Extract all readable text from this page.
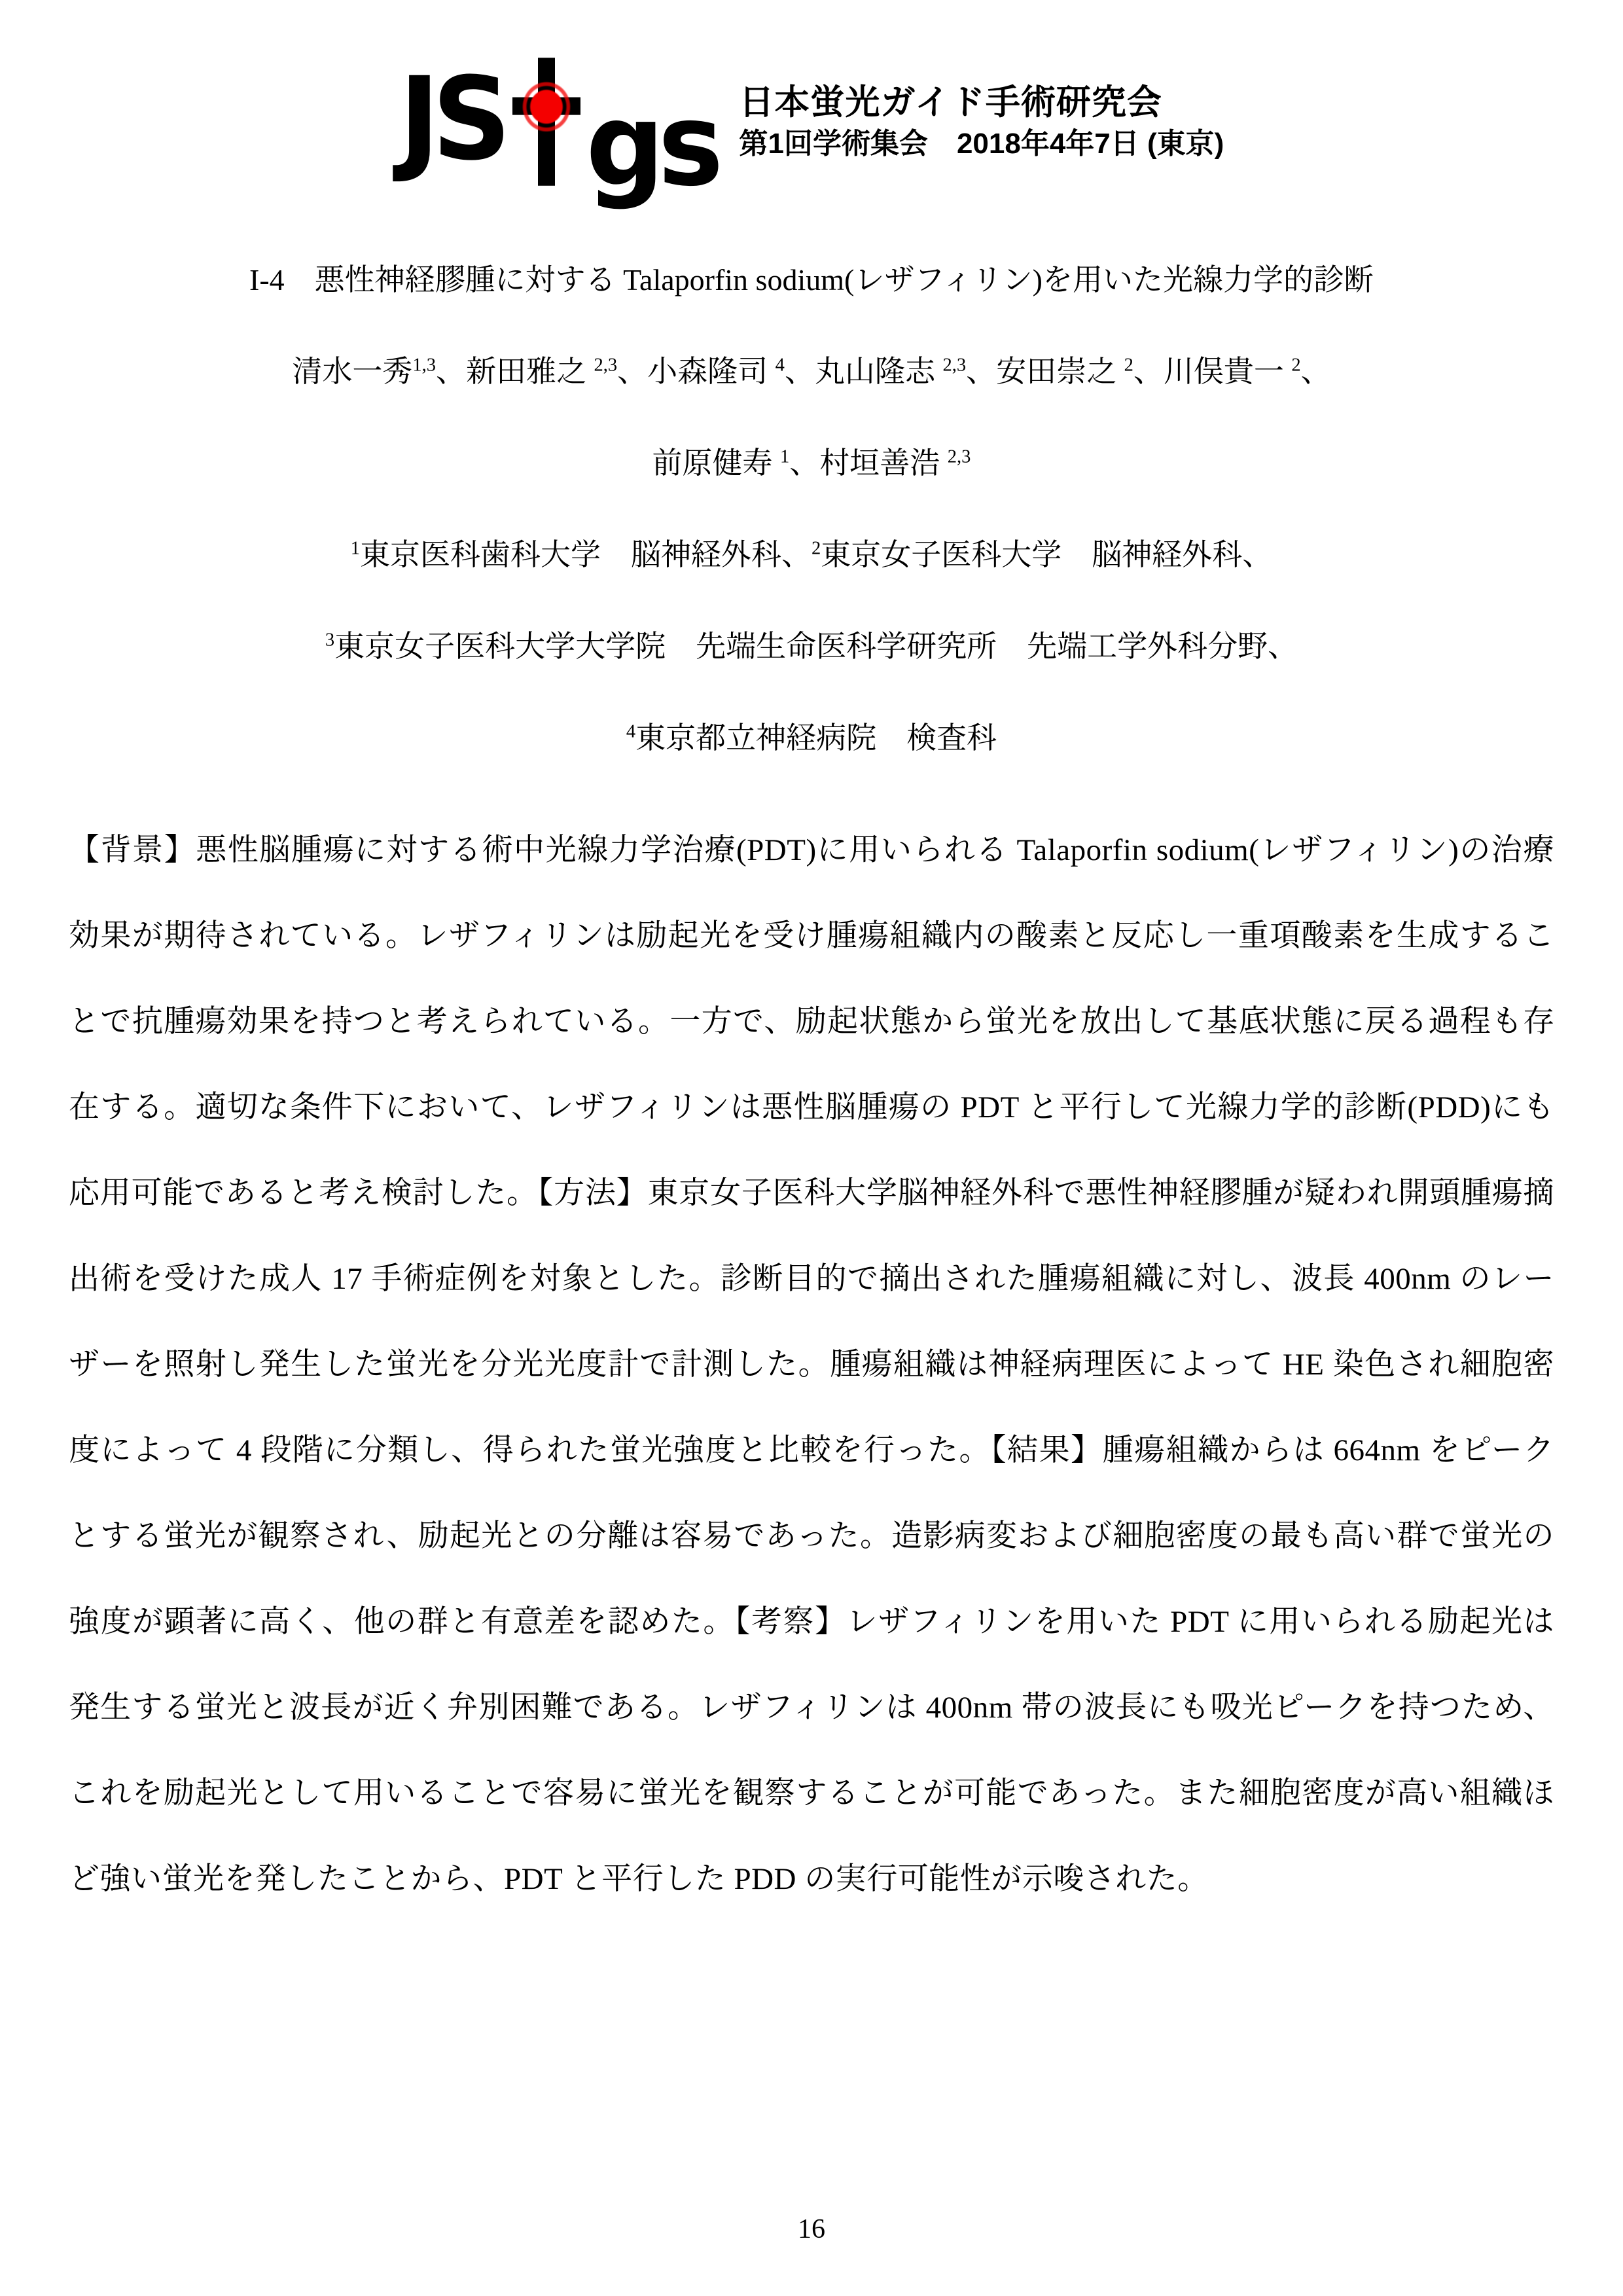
JS gs 日本蛍光ガイド手術研究会
第1回学術集会　2018年4年7日 (東京)
I-4　悪性神経膠腫に対する Talaporfin sodium(レザフィリン)を用いた光線力学的診断
清水一秀$^{1,3}$、新田雅之 $^{2,3}$、小森隆司 $^4$、丸山隆志 $^{2,3}$、安田崇之 $^2$、川俣貴一 $^2$、
前原健寿 $^1$、村垣善浩 $^{2,3}$
$^1$東京医科歯科大学　脳神経外科、$^2$東京女子医科大学　脳神経外科、
$^3$東京女子医科大学大学院　先端生命医科学研究所　先端工学外科分野、
$^4$東京都立神経病院　検査科
【背景】悪性脳腫瘍に対する術中光線力学治療(PDT)に用いられる Talaporfin sodium(レザフィリン)の治療効果が期待されている。レザフィリンは励起光を受け腫瘍組織内の酸素と反応し一重項酸素を生成することで抗腫瘍効果を持つと考えられている。一方で、励起状態から蛍光を放出して基底状態に戻る過程も存在する。適切な条件下において、レザフィリンは悪性脳腫瘍の PDT と平行して光線力学的診断(PDD)にも応用可能であると考え検討した。【方法】東京女子医科大学脳神経外科で悪性神経膠腫が疑われ開頭腫瘍摘出術を受けた成人 17 手術症例を対象とした。診断目的で摘出された腫瘍組織に対し、波長 400nm のレーザーを照射し発生した蛍光を分光光度計で計測した。腫瘍組織は神経病理医によって HE 染色され細胞密度によって 4 段階に分類し、得られた蛍光強度と比較を行った。【結果】腫瘍組織からは 664nm をピークとする蛍光が観察され、励起光との分離は容易であった。造影病変および細胞密度の最も高い群で蛍光の強度が顕著に高く、他の群と有意差を認めた。【考察】レザフィリンを用いた PDT に用いられる励起光は発生する蛍光と波長が近く弁別困難である。レザフィリンは 400nm 帯の波長にも吸光ピークを持つため、これを励起光として用いることで容易に蛍光を観察することが可能であった。また細胞密度が高い組織ほど強い蛍光を発したことから、PDT と平行した PDD の実行可能性が示唆された。
16
